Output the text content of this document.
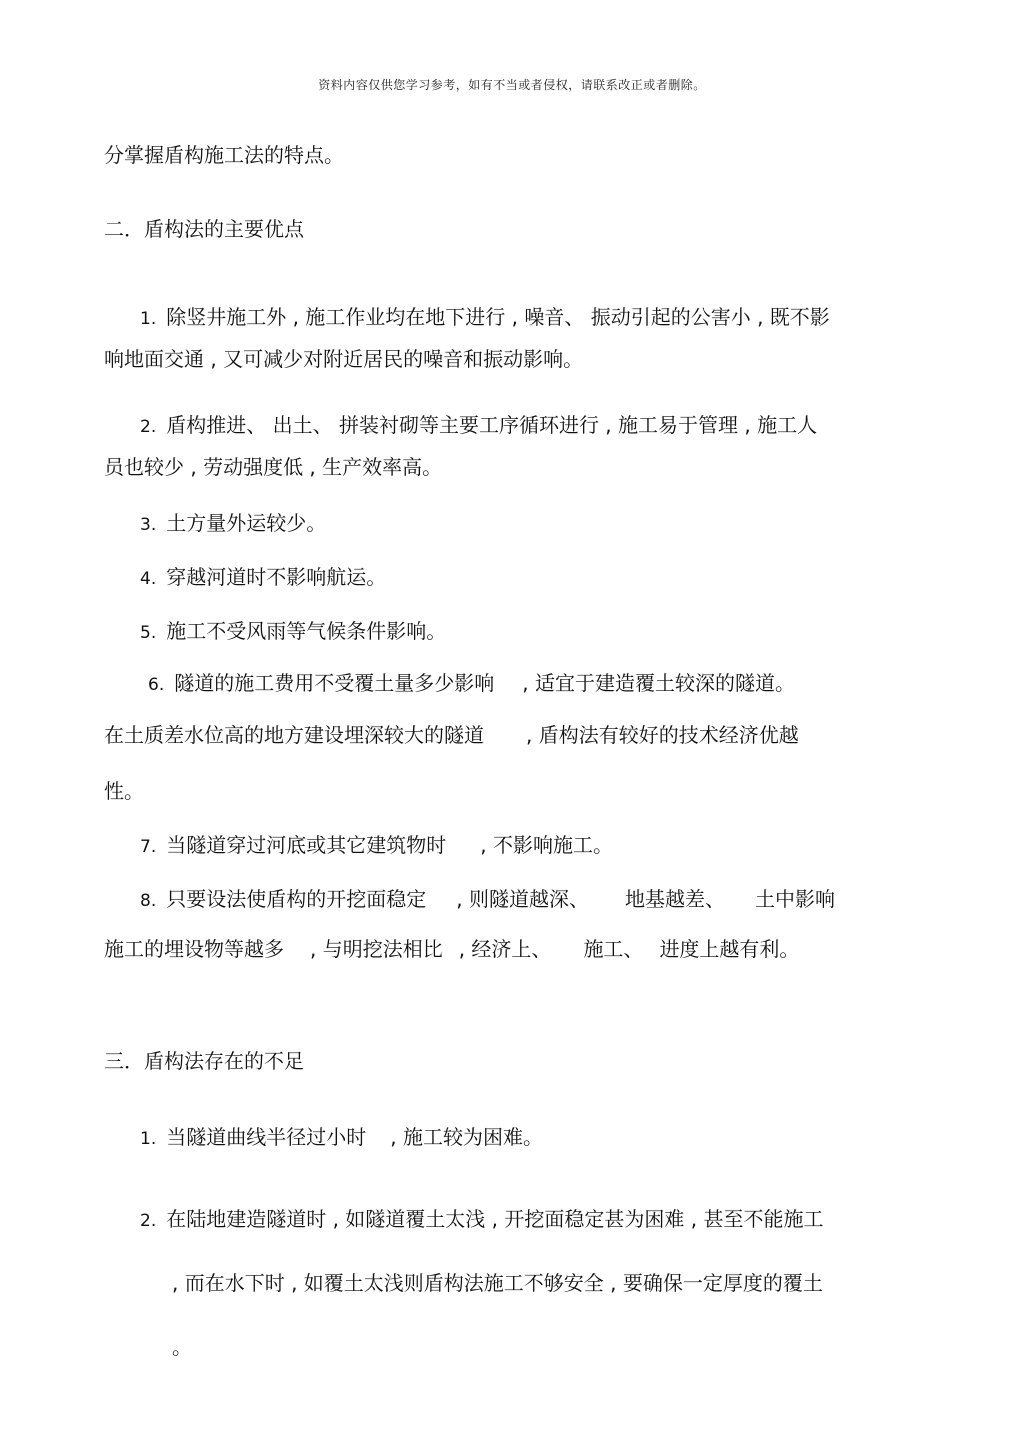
资料内容仅供您学习参考，如有不当或者侵权，请联系改正或者删除。
分掌握盾构施工法的特点。
二．盾构法的主要优点
1. 除竖井施工外 , 施工作业均在地下进行 , 噪音、 振动引起的公害小 , 既不影
响地面交通 , 又可减少对附近居民的噪音和振动影响。
2. 盾构推进、 出土、 拼装衬砌等主要工序循环进行 , 施工易于管理 , 施工人
员也较少 , 劳动强度低 , 生产效率高。
3. 土方量外运较少。
4. 穿越河道时不影响航运。
5. 施工不受风雨等气候条件影响。
6. 隧道的施工费用不受覆土量多少影响 , 适宜于建造覆土较深的隧道。
在土质差水位高的地方建设埋深较大的隧道 , 盾构法有较好的技术经济优越
性。
7. 当隧道穿过河底或其它建筑物时 , 不影响施工。
8. 只要设法使盾构的开挖面稳定 , 则隧道越深、 地基越差、 土中影响
施工的埋设物等越多 , 与明挖法相比 , 经济上、 施工、 进度上越有利。
三．盾构法存在的不足
1. 当隧道曲线半径过小时 , 施工较为困难。
2. 在陆地建造隧道时 , 如隧道覆土太浅 , 开挖面稳定甚为困难 , 甚至不能施工
, 而在水下时 , 如覆土太浅则盾构法施工不够安全 , 要确保一定厚度的覆土
。
